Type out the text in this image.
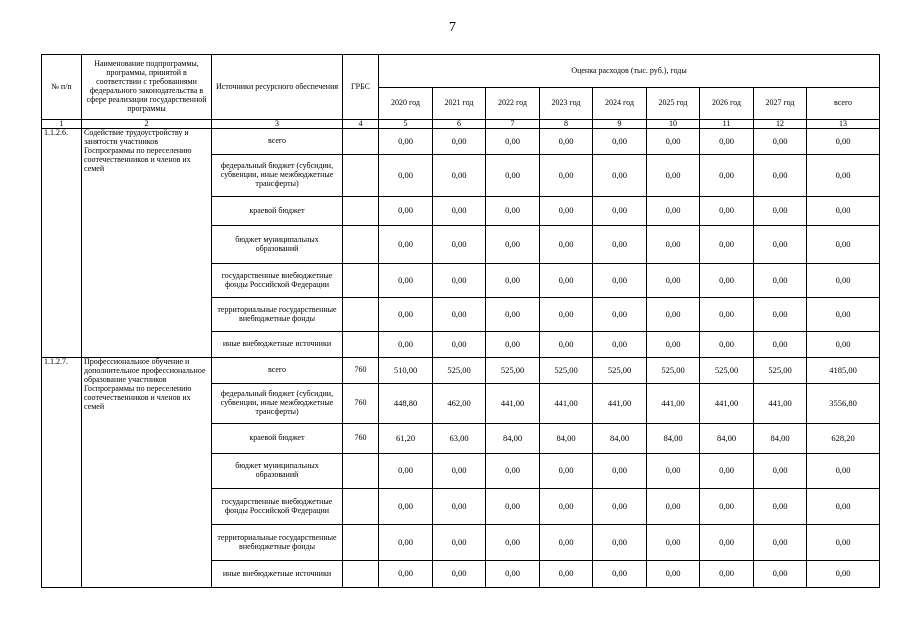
7
№ п/п	Наименование подпрограммы, программы, принятой в соответствии с требованиями федерального законодательства в сфере реализации государственной программы	Источники ресурсного обеспечения	ГРБС	Оценка расходов (тыс. руб.), годы								
				2020 год	2021 год	2022 год	2023 год	2024 год	2025 год	2026 год	2027 год	всего
1	2	3	4	5	6	7	8	9	10	11	12	13
1.1.2.6.	Содействие трудоустройству и занятости участников Госпрограммы по переселению соотечественников и членов их семей	всего		0,00	0,00	0,00	0,00	0,00	0,00	0,00	0,00	0,00
		федеральный бюджет (субсидии, субвенции, иные межбюджетные трансферты)		0,00	0,00	0,00	0,00	0,00	0,00	0,00	0,00	0,00
		краевой бюджет		0,00	0,00	0,00	0,00	0,00	0,00	0,00	0,00	0,00
		бюджет муниципальных образований		0,00	0,00	0,00	0,00	0,00	0,00	0,00	0,00	0,00
		государственные внебюджетные фонды Российской Федерации		0,00	0,00	0,00	0,00	0,00	0,00	0,00	0,00	0,00
		территориальные государственные внебюджетные фонды		0,00	0,00	0,00	0,00	0,00	0,00	0,00	0,00	0,00
		иные внебюджетные источники		0,00	0,00	0,00	0,00	0,00	0,00	0,00	0,00	0,00
1.1.2.7.	Профессиональное обучение и дополнительное профессиональное образование участников Госпрограммы по переселению соотечественников и членов их семей	всего	760	510,00	525,00	525,00	525,00	525,00	525,00	525,00	525,00	4185,00
		федеральный бюджет (субсидии, субвенции, иные межбюджетные трансферты)	760	448,80	462,00	441,00	441,00	441,00	441,00	441,00	441,00	3556,80
		краевой бюджет	760	61,20	63,00	84,00	84,00	84,00	84,00	84,00	84,00	628,20
		бюджет муниципальных образований		0,00	0,00	0,00	0,00	0,00	0,00	0,00	0,00	0,00
		государственные внебюджетные фонды Российской Федерации		0,00	0,00	0,00	0,00	0,00	0,00	0,00	0,00	0,00
		территориальные государственные внебюджетные фонды		0,00	0,00	0,00	0,00	0,00	0,00	0,00	0,00	0,00
		иные внебюджетные источники		0,00	0,00	0,00	0,00	0,00	0,00	0,00	0,00	0,00
